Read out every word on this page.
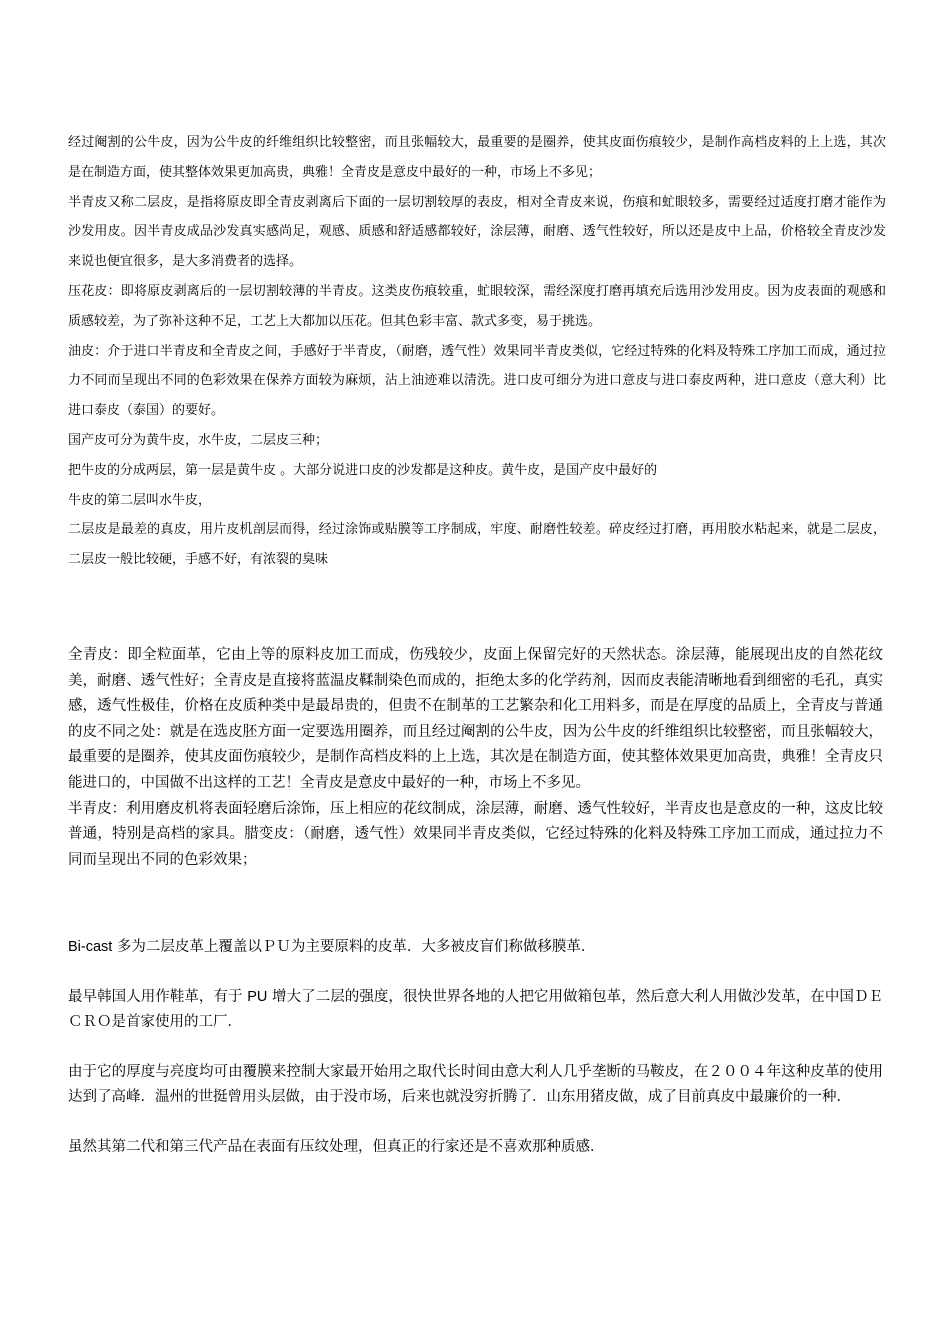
经过阉割的公牛皮，因为公牛皮的纤维组织比较整密，而且张幅较大，最重要的是圈养，使其皮面伤痕较少，是制作高档皮料的上上选，其次是在制造方面，使其整体效果更加高贵，典雅！全青皮是意皮中最好的一种，市场上不多见；

半青皮又称二层皮，是指将原皮即全青皮剥离后下面的一层切割较厚的表皮，相对全青皮来说，伤痕和虻眼较多，需要经过适度打磨才能作为沙发用皮。因半青皮成品沙发真实感尚足，观感、质感和舒适感都较好，涂层薄，耐磨、透气性较好，所以还是皮中上品，价格较全青皮沙发来说也便宜很多，是大多消费者的选择。

压花皮：即将原皮剥离后的一层切割较薄的半青皮。这类皮伤痕较重，虻眼较深，需经深度打磨再填充后选用沙发用皮。因为皮表面的观感和质感较差，为了弥补这种不足，工艺上大都加以压花。但其色彩丰富、款式多变，易于挑选。

油皮：介于进口半青皮和全青皮之间，手感好于半青皮，（耐磨，透气性）效果同半青皮类似，它经过特殊的化料及特殊工序加工而成，通过拉力不同而呈现出不同的色彩效果在保养方面较为麻烦，沾上油迹难以清洗。进口皮可细分为进口意皮与进口泰皮两种，进口意皮（意大利）比进口泰皮（泰国）的要好。

国产皮可分为黄牛皮，水牛皮，二层皮三种；

把牛皮的分成两层，第一层是黄牛皮 。大部分说进口皮的沙发都是这种皮。黄牛皮，是国产皮中最好的

牛皮的第二层叫水牛皮，

二层皮是最差的真皮，用片皮机剖层而得，经过涂饰或贴膜等工序制成，牢度、耐磨性较差。碎皮经过打磨，再用胶水粘起来，就是二层皮，二层皮一般比较硬，手感不好，有浓裂的臭味

全青皮：即全粒面革，它由上等的原料皮加工而成，伤残较少，皮面上保留完好的天然状态。涂层薄，能展现出皮的自然花纹美，耐磨、透气性好；全青皮是直接将蓝温皮鞣制染色而成的，拒绝太多的化学药剂，因而皮表能清晰地看到细密的毛孔，真实感，透气性极佳，价格在皮质种类中是最昂贵的，但贵不在制革的工艺繁杂和化工用料多，而是在厚度的品质上，全青皮与普通的皮不同之处：就是在选皮胚方面一定要选用圈养，而且经过阉割的公牛皮，因为公牛皮的纤维组织比较整密，而且张幅较大，最重要的是圈养，使其皮面伤痕较少，是制作高档皮料的上上选，其次是在制造方面，使其整体效果更加高贵，典雅！全青皮只能进口的，中国做不出这样的工艺！全青皮是意皮中最好的一种，市场上不多见。

半青皮：利用磨皮机将表面轻磨后涂饰，压上相应的花纹制成，涂层薄，耐磨、透气性较好，半青皮也是意皮的一种，这皮比较普通，特别是高档的家具。腊变皮：（耐磨，透气性）效果同半青皮类似，它经过特殊的化料及特殊工序加工而成，通过拉力不同而呈现出不同的色彩效果；

Bi-cast 多为二层皮革上覆盖以ＰＵ为主要原料的皮革．大多被皮盲们称做移膜革．

最早韩国人用作鞋革，有于 PU 增大了二层的强度，很快世界各地的人把它用做箱包革，然后意大利人用做沙发革，在中国ＤＥＣＲＯ是首家使用的工厂．

由于它的厚度与亮度均可由覆膜来控制大家最开始用之取代长时间由意大利人几乎垄断的马鞍皮，在２００４年这种皮革的使用达到了高峰．温州的世挺曾用头层做，由于没市场，后来也就没穷折腾了．山东用猪皮做，成了目前真皮中最廉价的一种．

虽然其第二代和第三代产品在表面有压纹处理，但真正的行家还是不喜欢那种质感．
